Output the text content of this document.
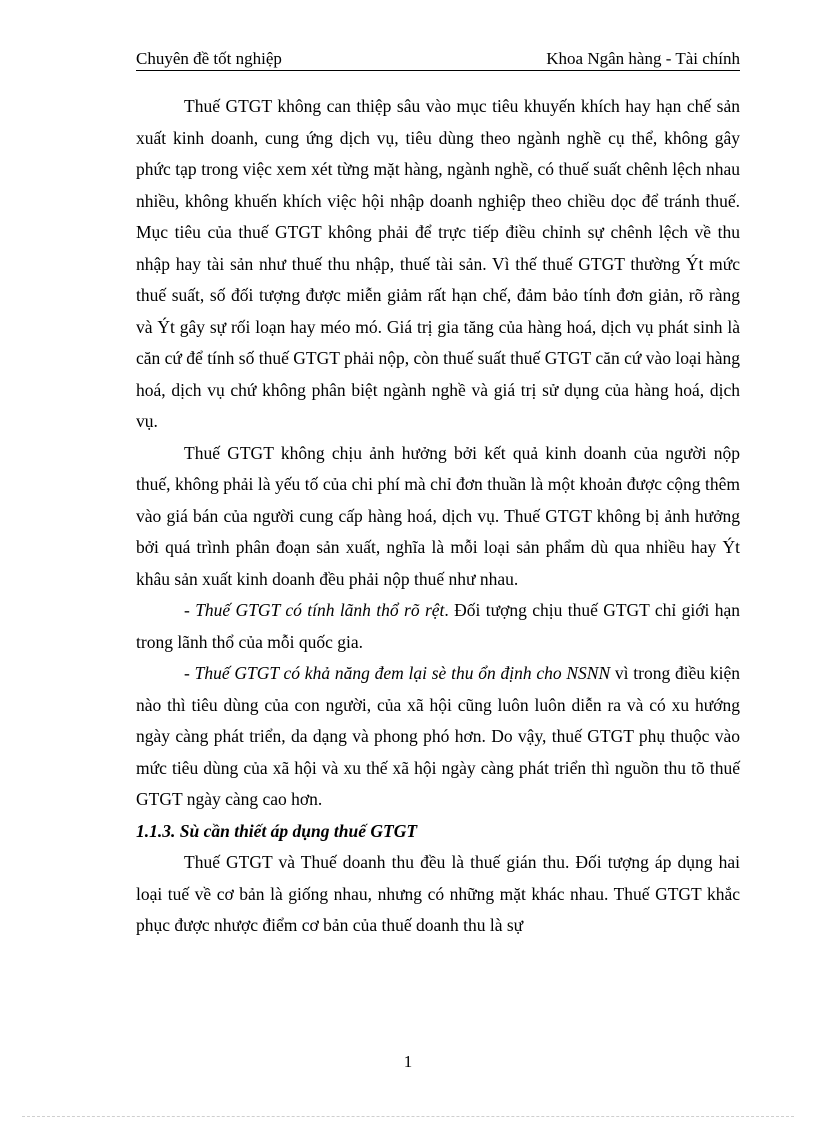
Chuyên đề tốt nghiệp	Khoa Ngân hàng - Tài chính

Thuế GTGT không can thiệp sâu vào mục tiêu khuyến khích hay hạn chế sản xuất kinh doanh, cung ứng dịch vụ, tiêu dùng theo ngành nghề cụ thể, không gây phức tạp trong việc xem xét từng mặt hàng, ngành nghề, có thuế suất chênh lệch nhau nhiều, không khuến khích việc hội nhập doanh nghiệp theo chiều dọc để tránh thuế. Mục tiêu của thuế GTGT không phải để trực tiếp điều chỉnh sự chênh lệch về thu nhập hay tài sản như thuế thu nhập, thuế tài sản. Vì thế thuế GTGT thường Ýt mức thuế suất, số đối tượng được miễn giảm rất hạn chế, đảm bảo tính đơn giản, rõ ràng và Ýt gây sự rối loạn hay méo mó. Giá trị gia tăng của hàng hoá, dịch vụ phát sinh là căn cứ để tính số thuế GTGT phải nộp, còn thuế suất thuế GTGT căn cứ vào loại hàng hoá, dịch vụ chứ không phân biệt ngành nghề và giá trị sử dụng của hàng hoá, dịch vụ.

Thuế GTGT không chịu ảnh hưởng bởi kết quả kinh doanh của người nộp thuế, không phải là yếu tố của chi phí mà chỉ đơn thuần là một khoản được cộng thêm vào giá bán của người cung cấp hàng hoá, dịch vụ. Thuế GTGT không bị ảnh hưởng bởi quá trình phân đoạn sản xuất, nghĩa là mỗi loại sản phẩm dù qua nhiều hay Ýt khâu sản xuất kinh doanh đều phải nộp thuế như nhau.

- Thuế GTGT có tính lãnh thổ rõ rệt. Đối tượng chịu thuế GTGT chỉ giới hạn trong lãnh thổ của mỗi quốc gia.

- Thuế GTGT có khả năng đem lại sè thu ổn định cho NSNN vì trong điều kiện nào thì tiêu dùng của con người, của xã hội cũng luôn luôn diễn ra và có xu hướng ngày càng phát triển, da dạng và phong phó hơn. Do vậy, thuế GTGT phụ thuộc vào mức tiêu dùng của xã hội và xu thế xã hội ngày càng phát triển thì nguồn thu tõ thuế GTGT ngày càng cao hơn.

1.1.3. Sù cần thiết áp dụng thuế GTGT

Thuế GTGT và Thuế doanh thu đều là thuế gián thu. Đối tượng áp dụng hai loại tuế về cơ bản là giống nhau, nhưng có những mặt khác nhau. Thuế GTGT khắc phục được nhược điểm cơ bản của thuế doanh thu là sự

1
